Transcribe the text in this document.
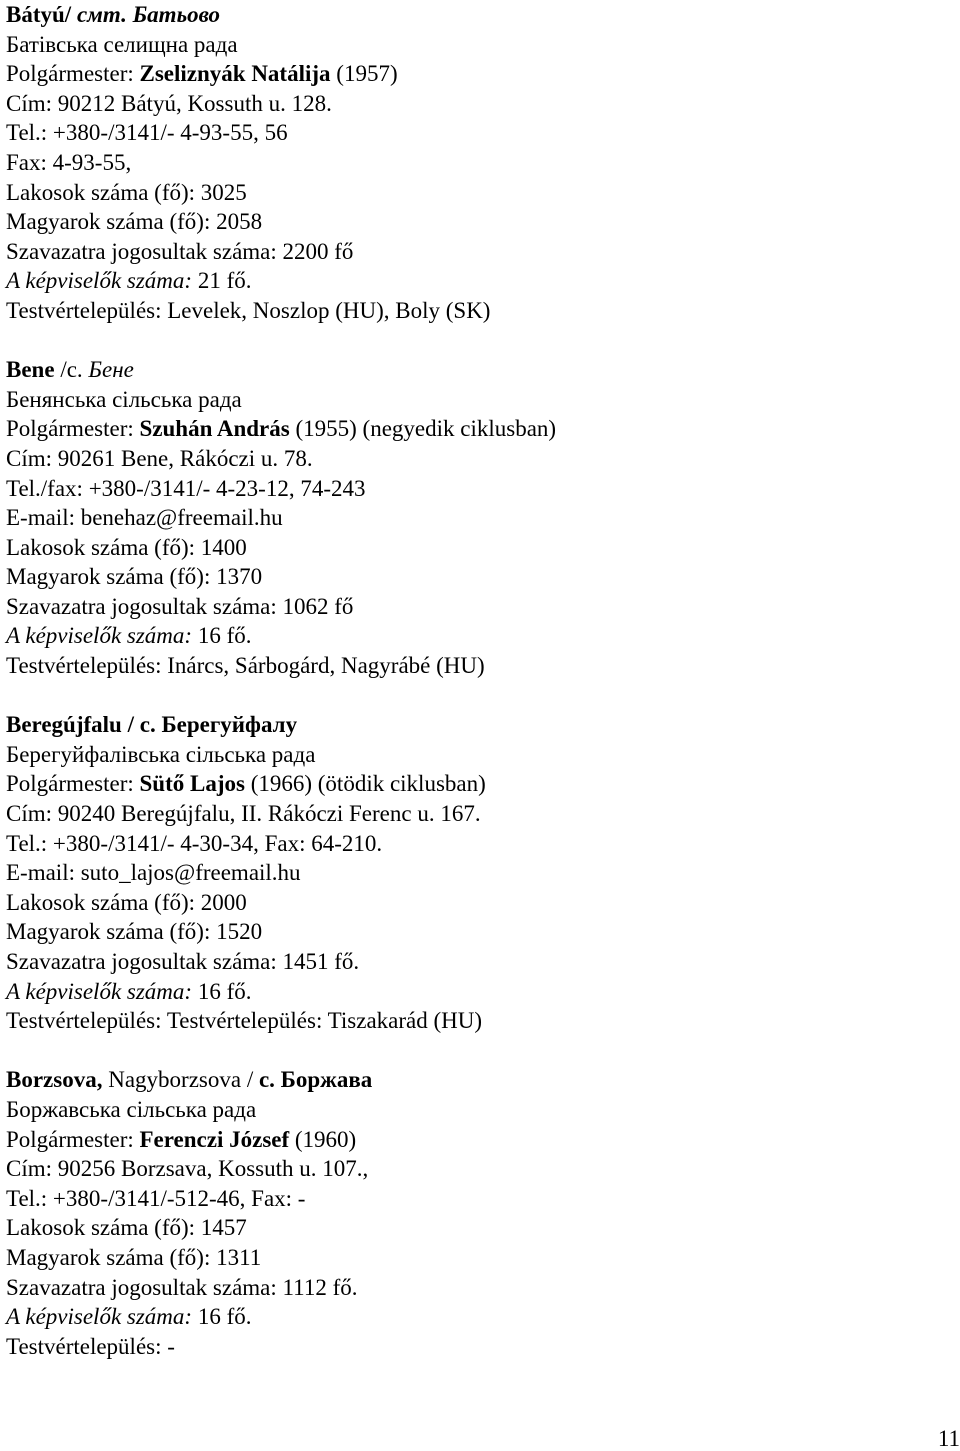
Bátyú/ смт. Батьово
Батівська селищна рада
Polgármester: Zseliznyák Natálija (1957)
Cím: 90212 Bátyú, Kossuth u. 128.
Tel.: +380-/3141/- 4-93-55, 56
Fax: 4-93-55,
Lakosok száma (fő): 3025
Magyarok száma (fő): 2058
Szavazatra jogosultak száma: 2200 fő
A képviselők száma: 21 fő.
Testvértelepülés: Levelek, Noszlop (HU), Boly (SK)
Bene /c. Бене
Бенянська сільська рада
Polgármester: Szuhán András (1955) (negyedik ciklusban)
Cím: 90261 Bene, Rákóczi u. 78.
Tel./fax: +380-/3141/- 4-23-12, 74-243
E-mail: benehaz@freemail.hu
Lakosok száma (fő): 1400
Magyarok száma (fő): 1370
Szavazatra jogosultak száma: 1062 fő
A képviselők száma: 16 fő.
Testvértelepülés: Inárcs, Sárbogárd, Nagyrábé (HU)
Beregújfalu / c. Берегуйфалу
Берегуйфалівська сільська рада
Polgármester: Sütő Lajos (1966) (ötödik ciklusban)
Cím: 90240 Beregújfalu, II. Rákóczi Ferenc u. 167.
Tel.: +380-/3141/- 4-30-34, Fax: 64-210.
E-mail: suto_lajos@freemail.hu
Lakosok száma (fő): 2000
Magyarok száma (fő): 1520
Szavazatra jogosultak száma: 1451 fő.
A képviselők száma: 16 fő.
Testvértelepülés: Testvértelepülés: Tiszakarád (HU)
Borzsova, Nagyborzsova / c. Боржава
Боржавська сільська рада
Polgármester: Ferenczi József (1960)
Cím: 90256 Borzsava, Kossuth u. 107.,
Tel.: +380-/3141/-512-46, Fax: -
Lakosok száma (fő): 1457
Magyarok száma (fő): 1311
Szavazatra jogosultak száma: 1112 fő.
A képviselők száma: 16 fő.
Testvértelepülés: -
11
